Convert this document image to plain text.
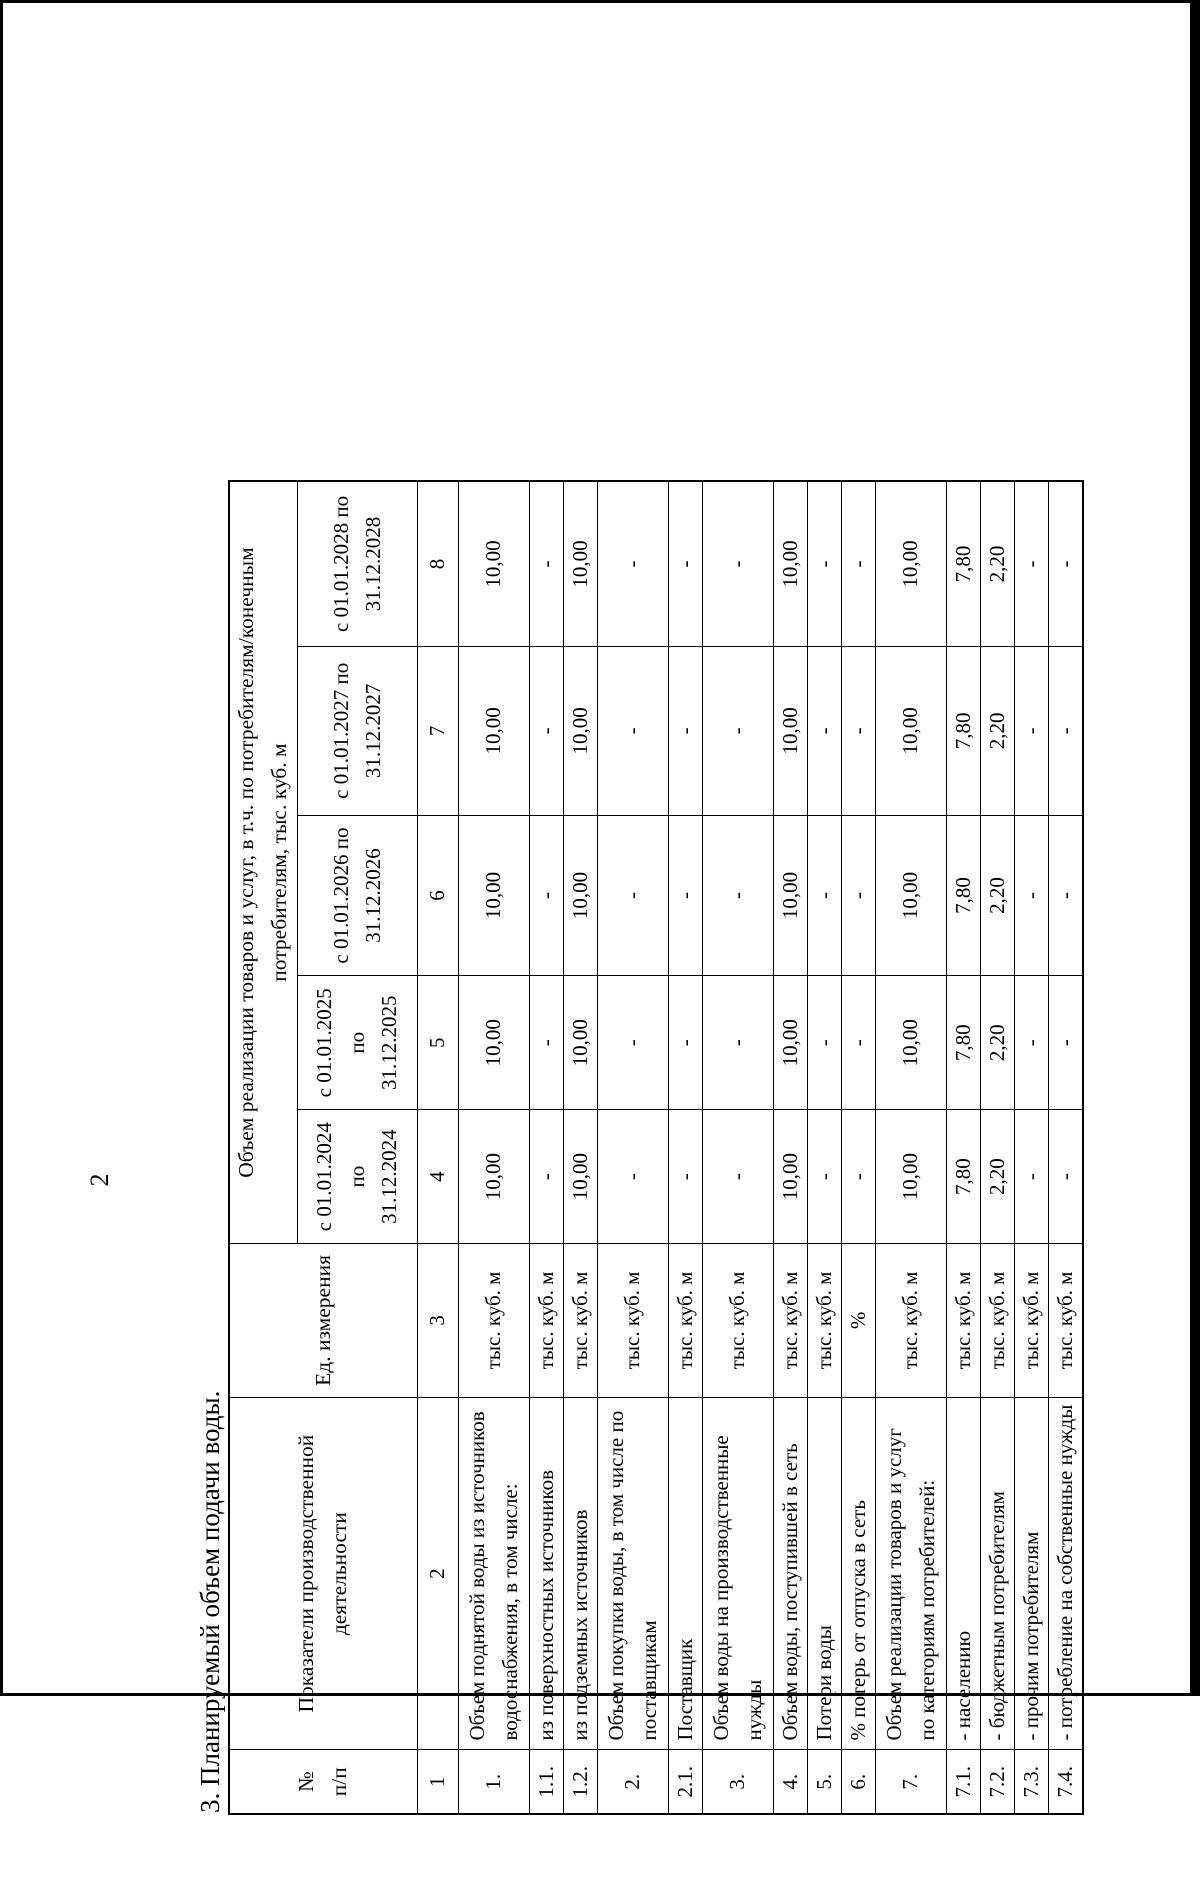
2
3. Планируемый объем подачи воды.	№ п/п	Показатели производственной деятельности	Ед. измерения	Объем реализации товаров и услуг, в т.ч. по потребителям/конечным потребителям, тыс. куб. м				
			с 01.01.2024 по 31.12.2024	с 01.01.2025 по 31.12.2025	с 01.01.2026 по 31.12.2026	с 01.01.2027 по 31.12.2027	с 01.01.2028 по 31.12.2028
1	2	3	4	5	6	7	8
1.	Объем поднятой воды из источников водоснабжения, в том числе:	тыс. куб. м	10,00	10,00	10,00	10,00	10,00
1.1.	из поверхностных источников	тыс. куб. м	-	-	-	-	-
1.2.	из подземных источников	тыс. куб. м	10,00	10,00	10,00	10,00	10,00
2.	Объем покупки воды, в том числе по поставщикам	тыс. куб. м	-	-	-	-	-
2.1.	Поставщик	тыс. куб. м	-	-	-	-	-
3.	Объем воды на производственные нужды	тыс. куб. м	-	-	-	-	-
4.	Объем воды, поступившей в сеть	тыс. куб. м	10,00	10,00	10,00	10,00	10,00
5.	Потери воды	тыс. куб. м	-	-	-	-	-
6.	% потерь от отпуска в сеть	%	-	-	-	-	-
7.	Объем реализации товаров и услуг по категориям потребителей:	тыс. куб. м	10,00	10,00	10,00	10,00	10,00
7.1.	- населению	тыс. куб. м	7,80	7,80	7,80	7,80	7,80
7.2.	- бюджетным потребителям	тыс. куб. м	2,20	2,20	2,20	2,20	2,20
7.3.	- прочим потребителям	тыс. куб. м	-	-	-	-	-
7.4.	- потребление на собственные нужды	тыс. куб. м	-	-	-	-	-
